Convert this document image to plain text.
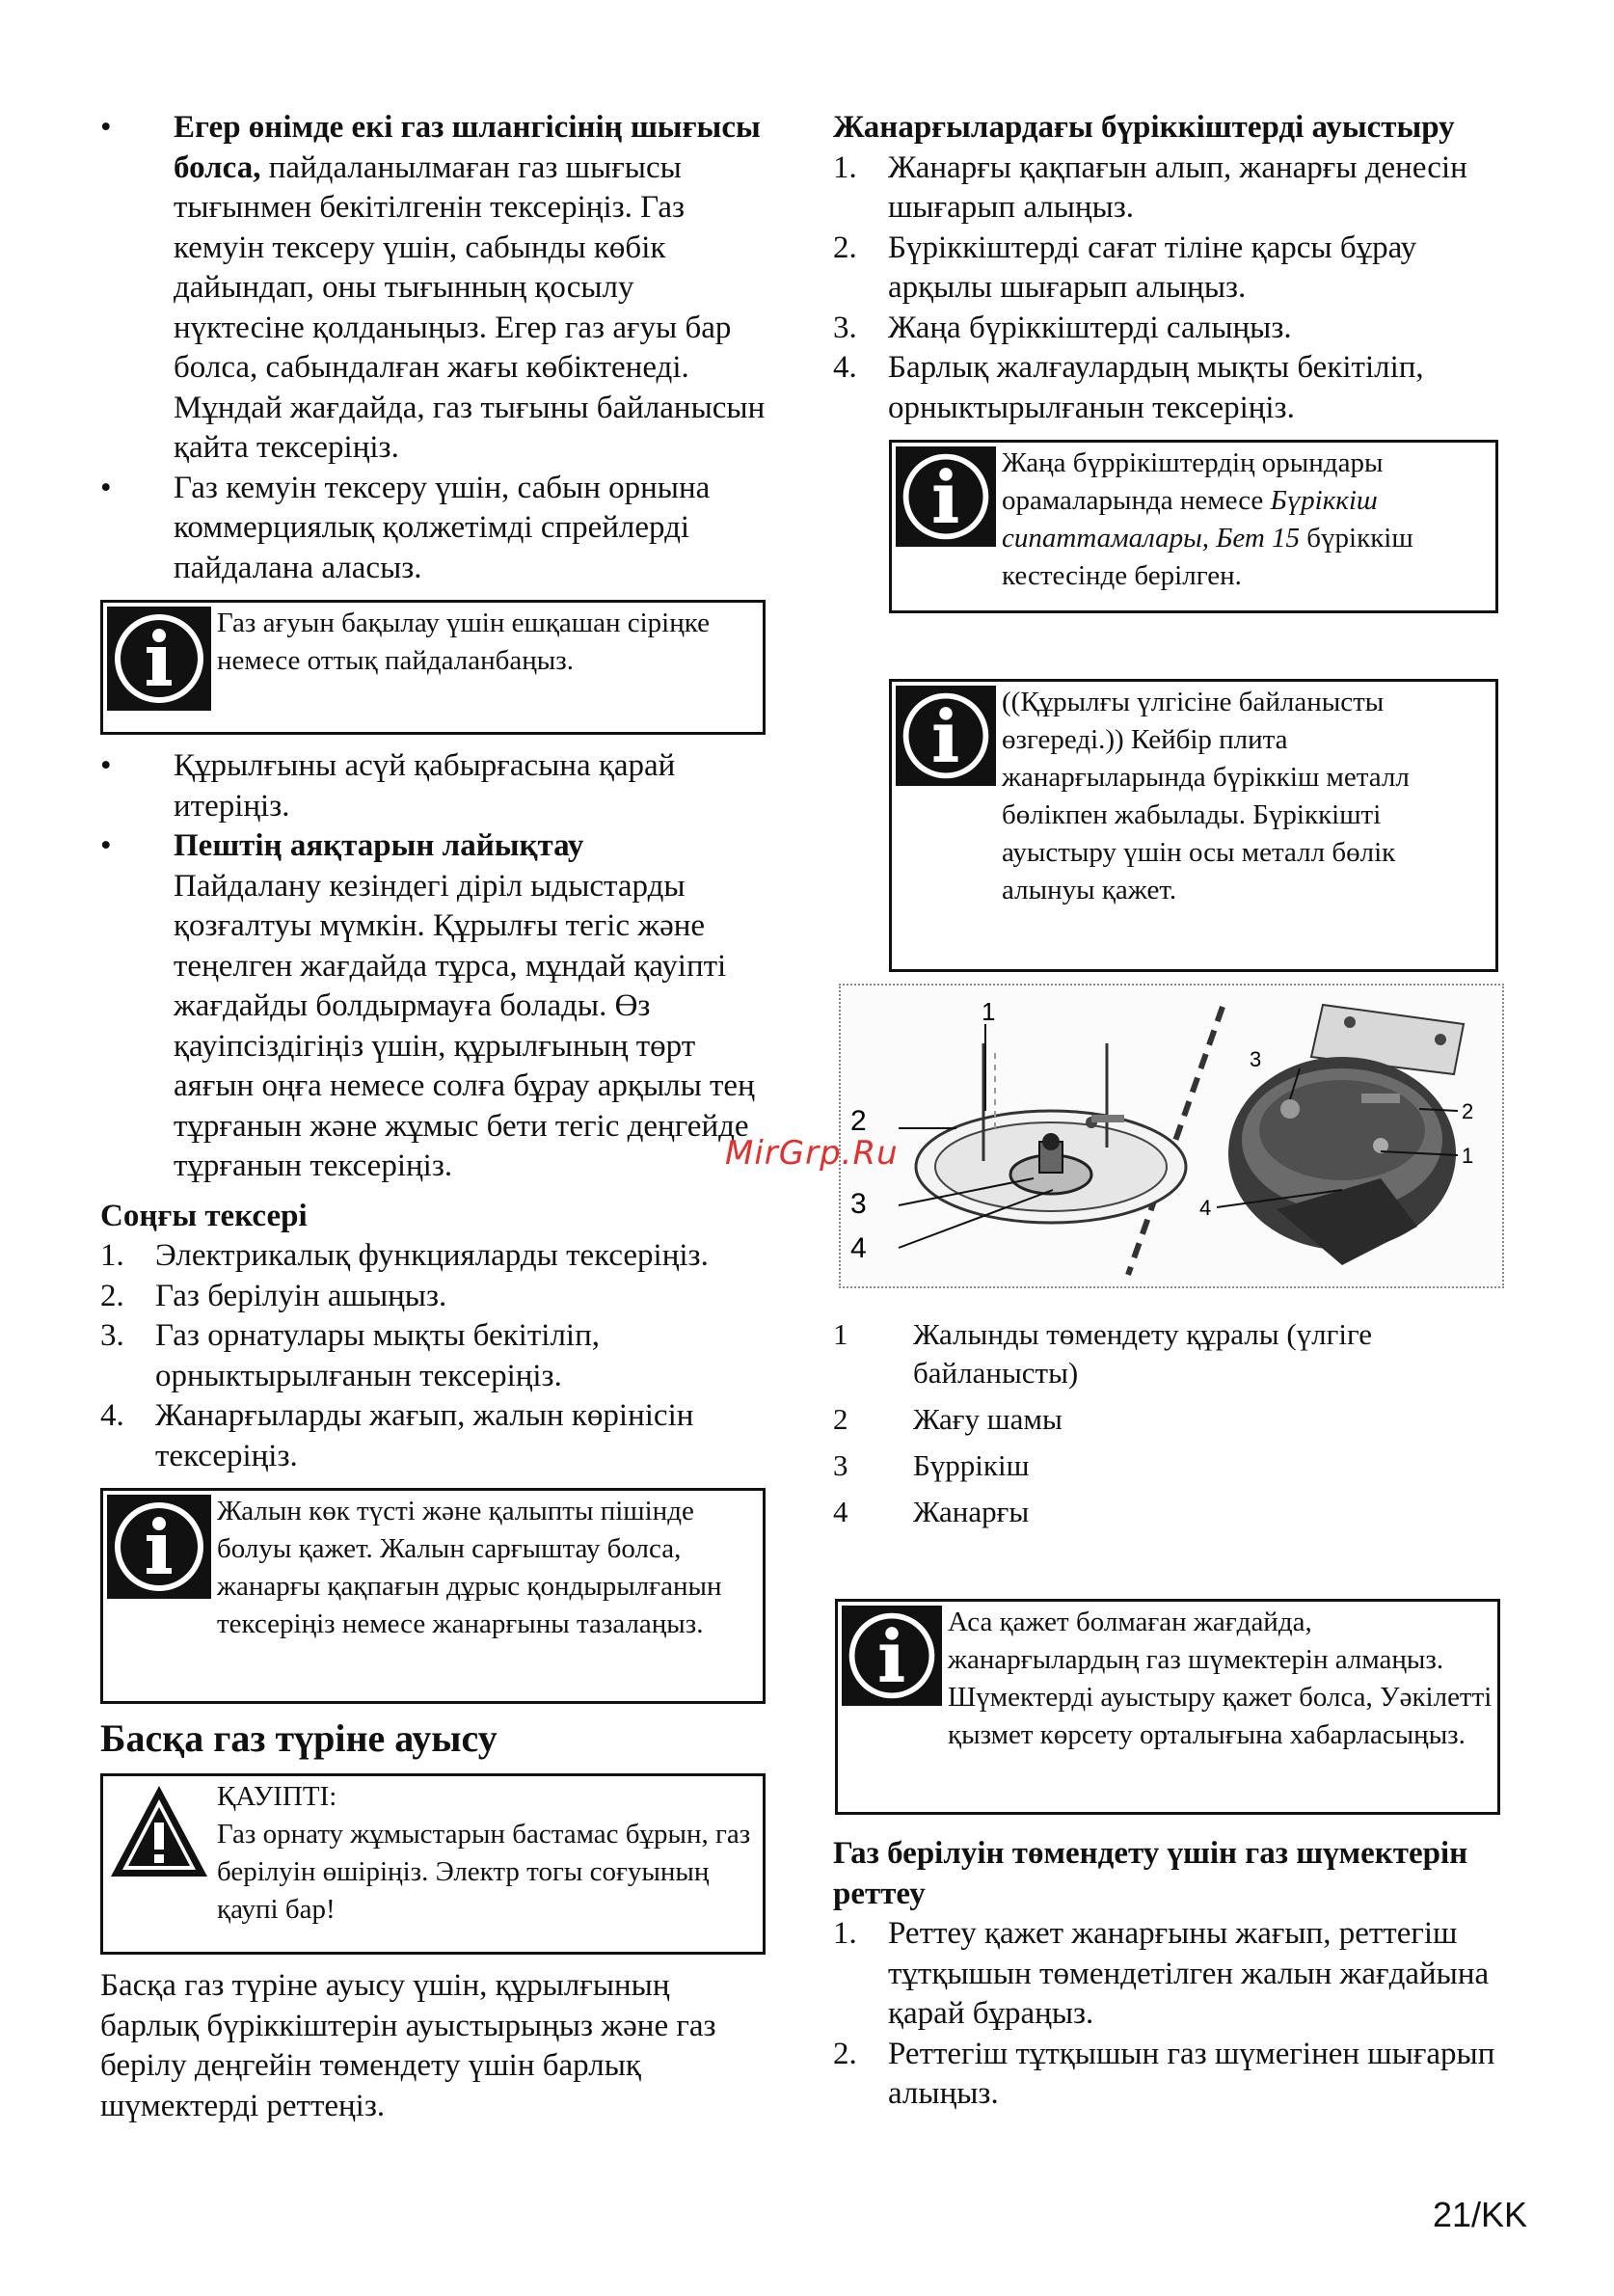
• Егер өнімде екі газ шлангісінің шығысы болса, пайдаланылмаған газ шығысы тығынмен бекітілгенін тексеріңіз. Газ кемуін тексеру үшін, сабынды көбік дайындап, оны тығынның қосылу нүктесіне қолданыңыз. Егер газ ағуы бар болса, сабындалған жағы көбіктенеді. Мұндай жағдайда, газ тығыны байланысын қайта тексеріңіз.
• Газ кемуін тексеру үшін, сабын орнына коммерциялық қолжетімді спрейлерді пайдалана аласыз.
Газ ағуын бақылау үшін ешқашан сіріңке немесе оттық пайдаланбаңыз.
• Құрылғыны асүй қабырғасына қарай итеріңіз.
• Пештің аяқтарын лайықтау
Пайдалану кезіндегі діріл ыдыстарды қозғалтуы мүмкін. Құрылғы тегіс және теңелген жағдайда тұрса, мұндай қауіпті жағдайды болдырмауға болады. Өз қауіпсіздігіңіз үшін, құрылғының төрт аяғын оңға немесе солға бұрау арқылы тең тұрғанын және жұмыс бети тегіс деңгейде тұрғанын тексеріңіз.

Соңғы тексері

1. Электрикалық функцияларды тексеріңіз.
2. Газ берілуін ашыңыз.
3. Газ орнатулары мықты бекітіліп, орныктырылғанын тексеріңіз.
4. Жанарғыларды жағып, жалын көрінісін тексеріңіз.
Жалын көк түсті және қалыпты пішінде болуы қажет. Жалын сарғыштау болса, жанарғы қақпағын дұрыс қондырылғанын тексеріңіз немесе жанарғыны тазалаңыз.
Басқа газ түріне ауысу
ҚАУІПТІ:
Газ орнату жұмыстарын бастамас бұрын, газ берілуін өшіріңіз. Электр тогы соғуының қаупі бар!

Басқа газ түріне ауысу үшін, құрылғының барлық бүріккіштерін ауыстырыңыз және газ берілу деңгейін төмендету үшін барлық шүмектерді реттеңіз.

Жанарғылардағы бүріккіштерді ауыстыру

1. Жанарғы қақпағын алып, жанарғы денесін шығарып алыңыз.
2. Бүріккіштерді сағат тіліне қарсы бұрау арқылы шығарып алыңыз.
3. Жаңа бүріккіштерді салыңыз.
4. Барлық жалғаулардың мықты бекітіліп, орныктырылғанын тексеріңіз.
Жаңа бүррікіштердің орындары орамаларында немесе Бүріккіш сипаттамалары, Бет 15 бүріккіш кестесінде берілген.
((Құрылғы үлгісіне байланысты өзгереді.)) Кейбір плита жанарғыларында бүріккіш металл бөлікпен жабылады. Бүріккішті ауыстыру үшін осы металл бөлік алынуы қажет.
1
2
3
4
3
2
1
4
1	Жалынды төмендету құралы (үлгіге байланысты)
2	Жағу шамы
3	Бүррікіш
4	Жанарғы
Аса қажет болмаған жағдайда, жанарғылардың газ шүмектерін алмаңыз. Шүмектерді ауыстыру қажет болса, Уәкілетті қызмет көрсету орталығына хабарласыңыз.

Газ берілуін төмендету үшін газ шүмектерін реттеу

1. Реттеу қажет жанарғыны жағып, реттегіш тұтқышын төмендетілген жалын жағдайына қарай бұраңыз.
2. Реттегіш тұтқышын газ шүмегінен шығарып алыңыз.
MirGrp.Ru
21/KK
